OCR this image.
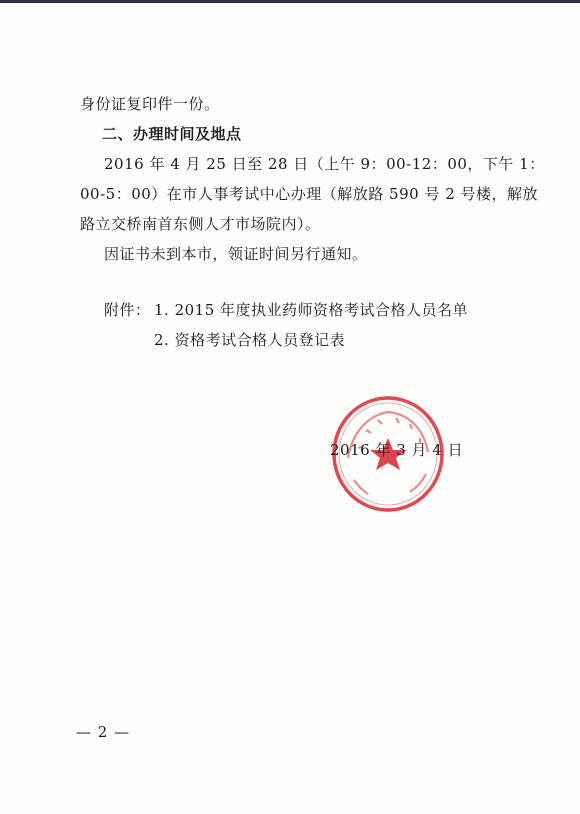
身份证复印件一份。
二、办理时间及地点
2016 年 4 月 25 日至 28 日（上午 9：00-12：00，下午 1：
00-5：00）在市人事考试中心办理（解放路 590 号 2 号楼，解放
路立交桥南首东侧人才市场院内）。
因证书未到本市，领证时间另行通知。
附件： 1. 2015 年度执业药师资格考试合格人员名单
2. 资格考试合格人员登记表
2016 年 3 月 4 日
— 2 —
